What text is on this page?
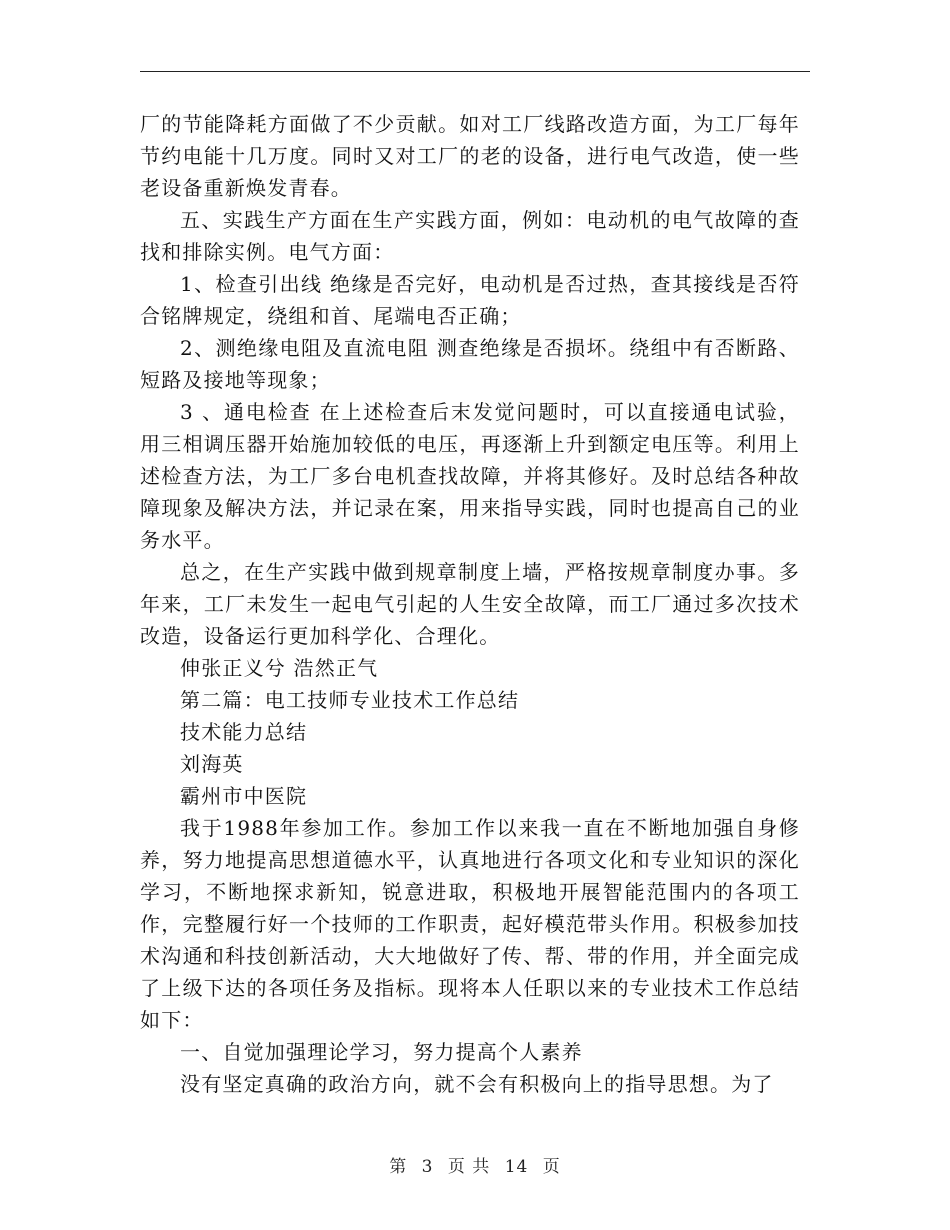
厂的节能降耗方面做了不少贡献。如对工厂线路改造方面，为工厂每年节约电能十几万度。同时又对工厂的老的设备，进行电气改造，使一些老设备重新焕发青春。

五、实践生产方面在生产实践方面，例如：电动机的电气故障的查找和排除实例。电气方面：

1、检查引出线 绝缘是否完好，电动机是否过热，查其接线是否符合铭牌规定，绕组和首、尾端电否正确；

2、测绝缘电阻及直流电阻 测查绝缘是否损坏。绕组中有否断路、短路及接地等现象；

3 、通电检查 在上述检查后末发觉问题时，可以直接通电试验，用三相调压器开始施加较低的电压，再逐渐上升到额定电压等。利用上述检查方法，为工厂多台电机查找故障，并将其修好。及时总结各种故障现象及解决方法，并记录在案，用来指导实践，同时也提高自己的业务水平。

总之，在生产实践中做到规章制度上墙，严格按规章制度办事。多年来，工厂未发生一起电气引起的人生安全故障，而工厂通过多次技术改造，设备运行更加科学化、合理化。

伸张正义兮 浩然正气

第二篇：电工技师专业技术工作总结

技术能力总结

刘海英

霸州市中医院

我于1988年参加工作。参加工作以来我一直在不断地加强自身修养，努力地提高思想道德水平，认真地进行各项文化和专业知识的深化学习，不断地探求新知，锐意进取，积极地开展智能范围内的各项工作，完整履行好一个技师的工作职责，起好模范带头作用。积极参加技术沟通和科技创新活动，大大地做好了传、帮、带的作用，并全面完成了上级下达的各项任务及指标。现将本人任职以来的专业技术工作总结如下：

一、自觉加强理论学习，努力提高个人素养

没有坚定真确的政治方向，就不会有积极向上的指导思想。为了

第 3 页 共 14 页
